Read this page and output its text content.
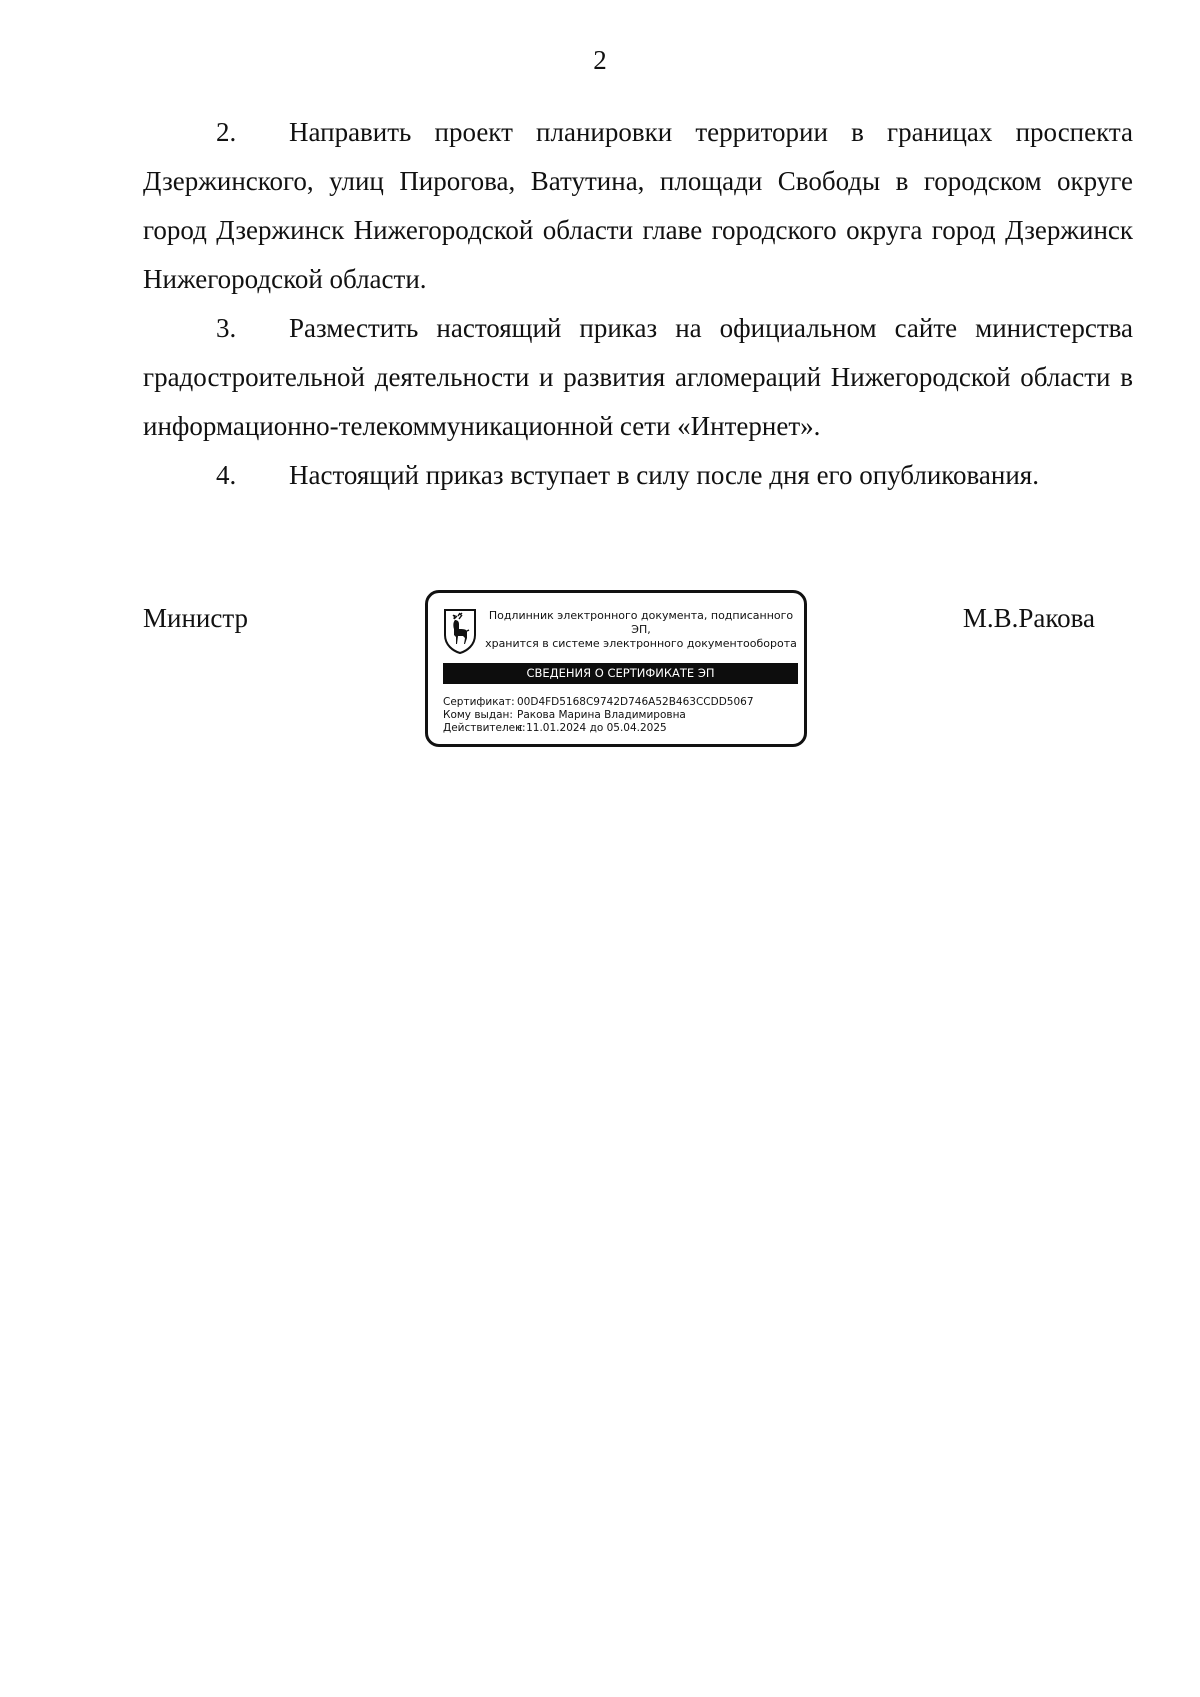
2

2. Направить проект планировки территории в границах проспекта Дзержинского, улиц Пирогова, Ватутина, площади Свободы в городском округе город Дзержинск Нижегородской области главе городского округа город Дзержинск Нижегородской области.

3. Разместить настоящий приказ на официальном сайте министерства градостроительной деятельности и развития агломераций Нижегородской области в информационно-телекоммуникационной сети «Интернет».

4. Настоящий приказ вступает в силу после дня его опубликования.

Министр	Подлинник электронного документа, подписанного ЭП,
хранится в системе электронного документооборота
СВЕДЕНИЯ О СЕРТИФИКАТЕ ЭП
Сертификат: 00D4FD5168C9742D746A52B463CCDD5067
Кому выдан: Ракова Марина Владимировна
Действителен:с 11.01.2024 до 05.04.2025
М.В.Ракова
